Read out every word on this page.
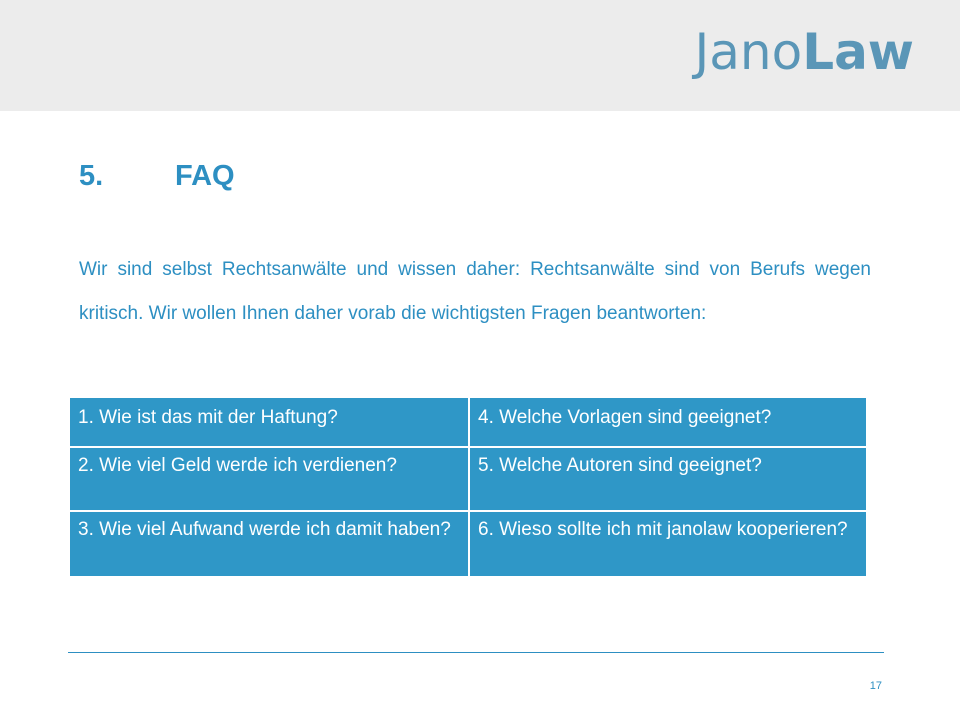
JanoLaw
5. FAQ
Wir sind selbst Rechtsanwälte und wissen daher: Rechtsanwälte sind von Berufs wegen kritisch. Wir wollen Ihnen daher vorab die wichtigsten Fragen beantworten:
1. Wie ist das mit der Haftung?	4. Welche Vorlagen sind geeignet?
2. Wie viel Geld werde ich verdienen?	5. Welche Autoren sind geeignet?
3. Wie viel Aufwand werde ich damit haben?	6. Wieso sollte ich mit janolaw kooperieren?
17
